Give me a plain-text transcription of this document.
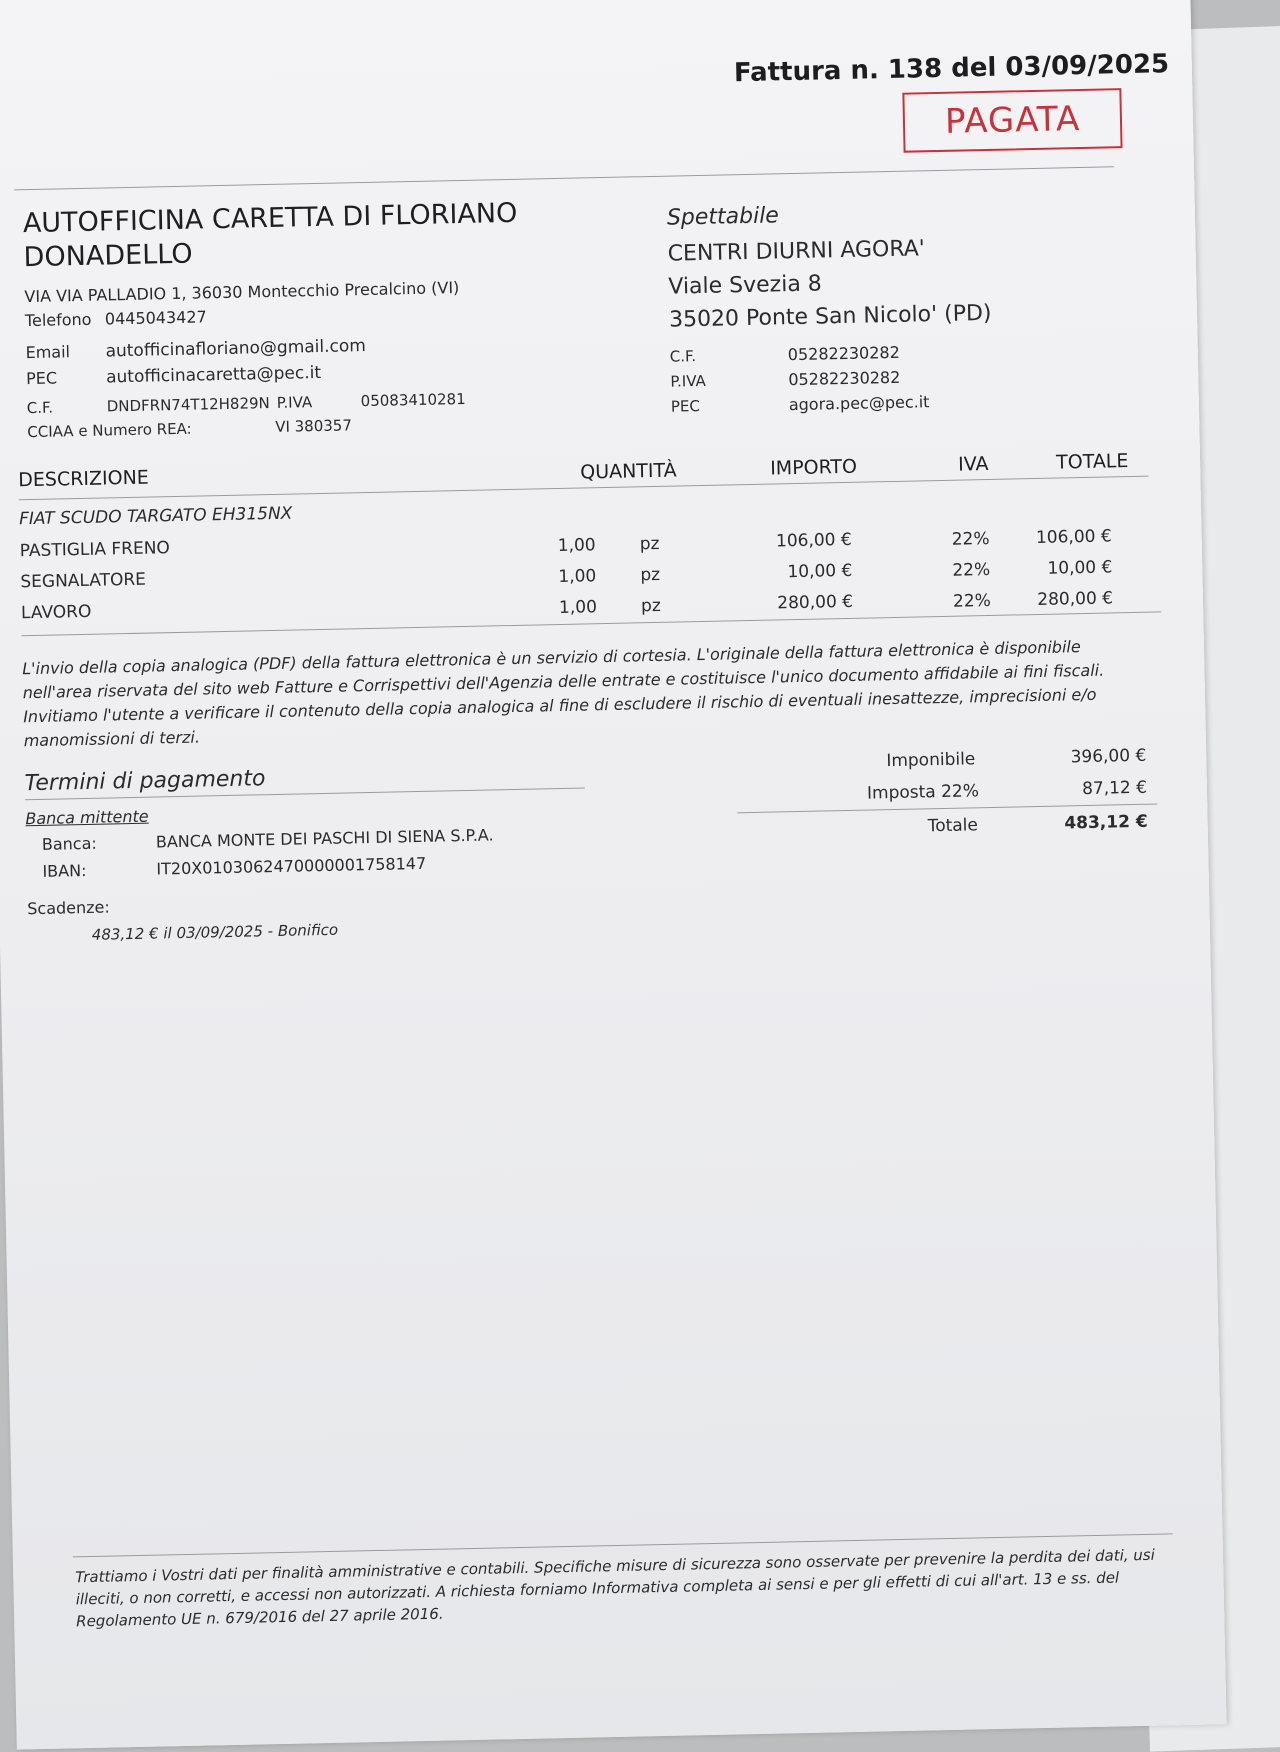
Fattura n. 138 del 03/09/2025
PAGATA
AUTOFFICINA CARETTA DI FLORIANO
DONADELLO
VIA VIA PALLADIO 1, 36030 Montecchio Precalcino (VI)
Telefono 0445043427
Email autofficinafloriano@gmail.com
PEC	autofficinacaretta@pec.it
C.F.	DNDFRN74T12H829N P.IVA	05083410281
CCIAA e Numero REA:	VI 380357
Spettabile
CENTRI DIURNI AGORA'
Viale Svezia 8
35020 Ponte San Nicolo' (PD)
C.F.	05282230282
P.IVA	05282230282
PEC	agora.pec@pec.it
DESCRIZIONE	QUANTITÀ	IMPORTO	IVA	TOTALE
FIAT SCUDO TARGATO EH315NX
PASTIGLIA FRENO	1,00	pz	106,00 €	22%	106,00 €
SEGNALATORE	1,00	pz	10,00 €	22%	10,00 €
LAVORO	1,00	pz	280,00 €	22%	280,00 €
L'invio della copia analogica (PDF) della fattura elettronica è un servizio di cortesia. L'originale della fattura elettronica è disponibile nell'area riservata del sito web Fatture e Corrispettivi dell'Agenzia delle entrate e costituisce l'unico documento affidabile ai fini fiscali. Invitiamo l'utente a verificare il contenuto della copia analogica al fine di escludere il rischio di eventuali inesattezze, imprecisioni e/o manomissioni di terzi.
Termini di pagamento
Banca mittente
Banca:	BANCA MONTE DEI PASCHI DI SIENA S.P.A.
IBAN:	IT20X0103062470000001758147
Scadenze:
483,12 € il 03/09/2025 - Bonifico
Imponibile	396,00 €
Imposta 22%	87,12 €
Totale	483,12 €
Trattiamo i Vostri dati per finalità amministrative e contabili. Specifiche misure di sicurezza sono osservate per prevenire la perdita dei dati, usi illeciti, o non corretti, e accessi non autorizzati. A richiesta forniamo Informativa completa ai sensi e per gli effetti di cui all'art. 13 e ss. del Regolamento UE n. 679/2016 del 27 aprile 2016.
